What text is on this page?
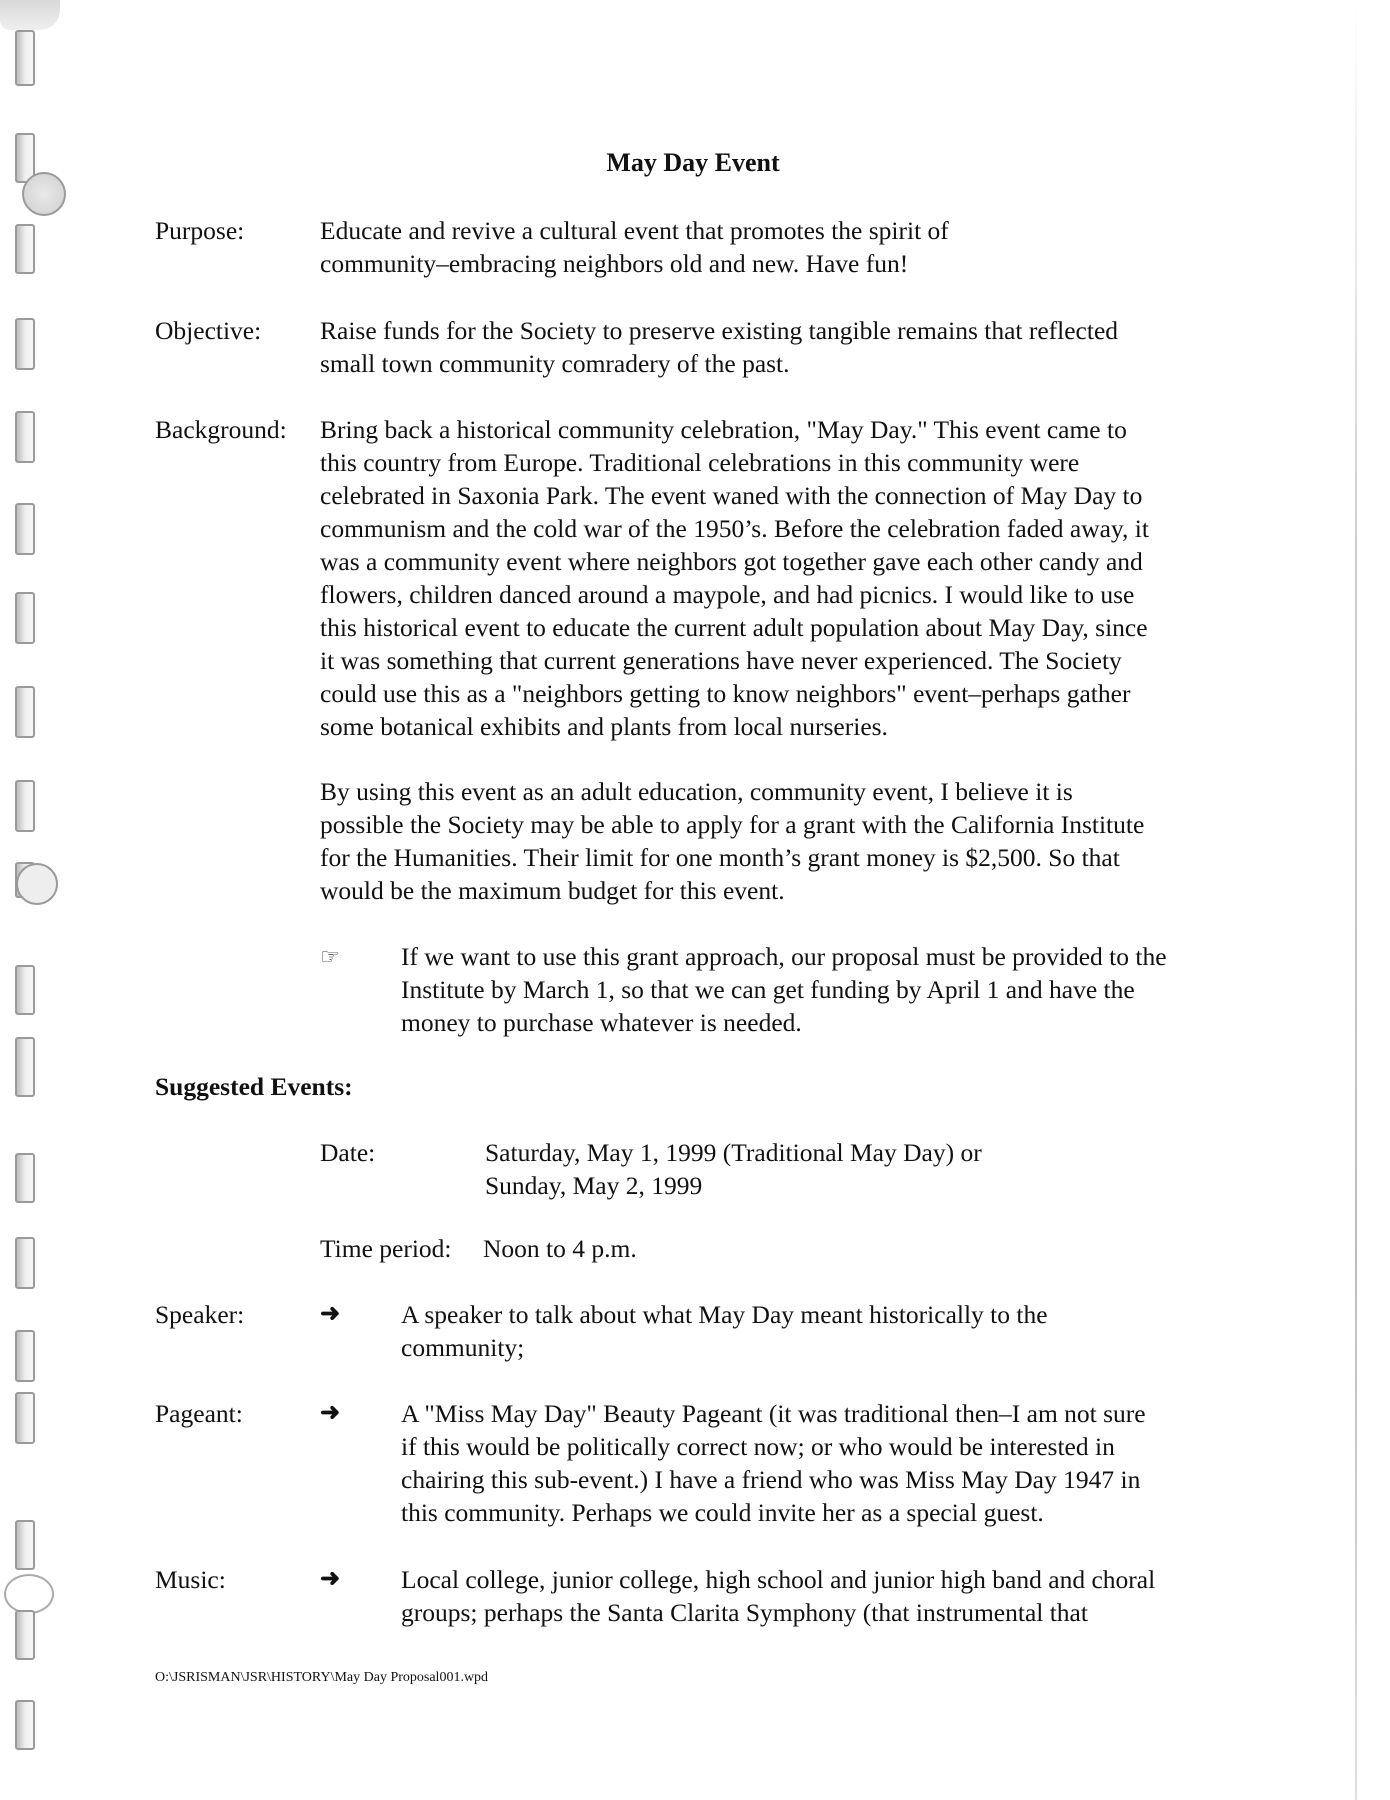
May Day Event
Purpose:	Educate and revive a cultural event that promotes the spirit of

community–embracing neighbors old and new. Have fun!

Objective: Raise funds for the Society to preserve existing tangible remains that reflected

small town community comradery of the past.

Background: Bring back a historical community celebration, "May Day." This event came to

this country from Europe. Traditional celebrations in this community were

celebrated in Saxonia Park. The event waned with the connection of May Day to

communism and the cold war of the 1950’s. Before the celebration faded away, it

was a community event where neighbors got together gave each other candy and

flowers, children danced around a maypole, and had picnics. I would like to use

this historical event to educate the current adult population about May Day, since

it was something that current generations have never experienced. The Society

could use this as a "neighbors getting to know neighbors" event–perhaps gather

some botanical exhibits and plants from local nurseries.

By using this event as an adult education, community event, I believe it is

possible the Society may be able to apply for a grant with the California Institute

for the Humanities. Their limit for one month’s grant money is $2,500. So that

would be the maximum budget for this event.

☞ If we want to use this grant approach, our proposal must be provided to the

Institute by March 1, so that we can get funding by April 1 and have the

money to purchase whatever is needed.

Suggested Events:
Date:	Saturday, May 1, 1999 (Traditional May Day) or

Sunday, May 2, 1999

Time period: Noon to 4 p.m.
Speaker:	➜ A speaker to talk about what May Day meant historically to the

community;

Pageant:	➜ A "Miss May Day" Beauty Pageant (it was traditional then–I am not sure

if this would be politically correct now; or who would be interested in

chairing this sub-event.) I have a friend who was Miss May Day 1947 in

this community. Perhaps we could invite her as a special guest.

Music:	➜ Local college, junior college, high school and junior high band and choral

groups; perhaps the Santa Clarita Symphony (that instrumental that

O:\JSRISMAN\JSR\HISTORY\May Day Proposal001.wpd
